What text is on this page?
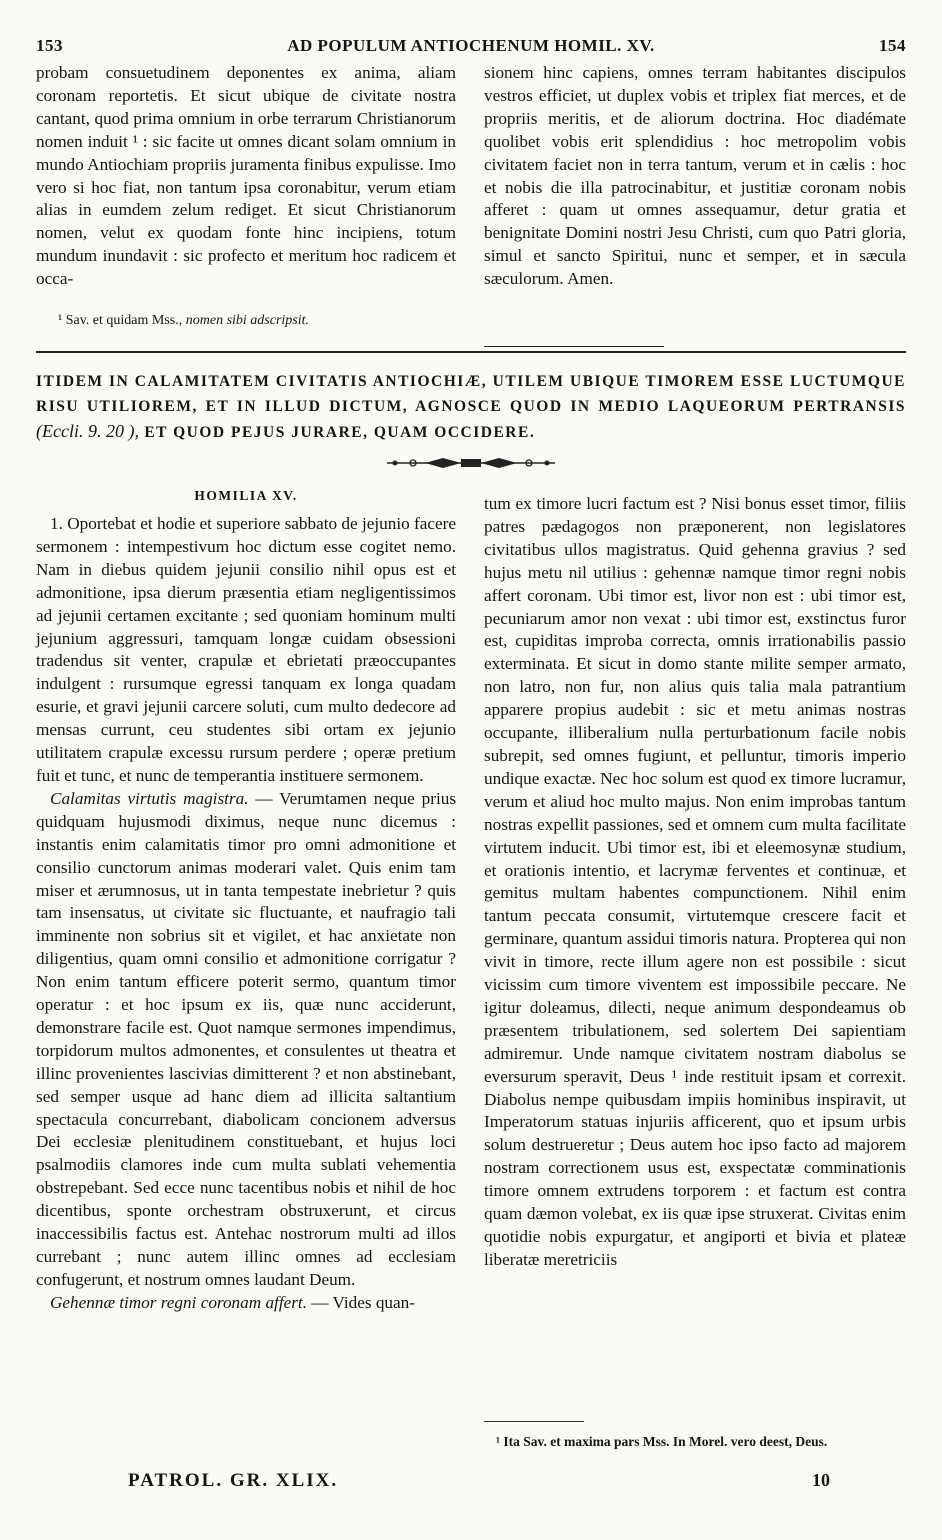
153	AD POPULUM ANTIOCHENUM HOMIL. XV.	154

probam consuetudinem deponentes ex anima, aliam coronam reportetis. Et sicut ubique de civitate nostra cantant, quod prima omnium in orbe terrarum Christianorum nomen induit ¹ : sic facite ut omnes dicant solam omnium in mundo Antiochiam propriis juramenta finibus expulisse. Imo vero si hoc fiat, non tantum ipsa coronabitur, verum etiam alias in eumdem zelum rediget. Et sicut Christianorum nomen, velut ex quodam fonte hinc incipiens, totum mundum inundavit : sic profecto et meritum hoc radicem et occa-

¹ Sav. et quidam Mss., nomen sibi adscripsit.

sionem hinc capiens, omnes terram habitantes discipulos vestros efficiet, ut duplex vobis et triplex fiat merces, et de propriis meritis, et de aliorum doctrina. Hoc diadémate quolibet vobis erit splendidius : hoc metropolim vobis civitatem faciet non in terra tantum, verum et in cælis : hoc et nobis die illa patrocinabitur, et justitiæ coronam nobis afferet : quam ut omnes assequamur, detur gratia et benignitate Domini nostri Jesu Christi, cum quo Patri gloria, simul et sancto Spiritui, nunc et semper, et in sæcula sæculorum. Amen.

ITIDEM IN CALAMITATEM CIVITATIS ANTIOCHIÆ, UTILEM UBIQUE TIMOREM ESSE LUCTUMQUE RISU UTILIOREM, ET IN ILLUD DICTUM, AGNOSCE QUOD IN MEDIO LAQUEORUM PERTRANSIS (Eccli. 9. 20 ), ET QUOD PEJUS JURARE, QUAM OCCIDERE.
HOMILIA XV.

1. Oportebat et hodie et superiore sabbato de jejunio facere sermonem : intempestivum hoc dictum esse cogitet nemo. Nam in diebus quidem jejunii consilio nihil opus est et admonitione, ipsa dierum præsentia etiam negligentissimos ad jejunii certamen excitante ; sed quoniam hominum multi jejunium aggressuri, tamquam longæ cuidam obsessioni tradendus sit venter, crapulæ et ebrietati præoccupantes indulgent : rursumque egressi tanquam ex longa quadam esurie, et gravi jejunii carcere soluti, cum multo dedecore ad mensas currunt, ceu studentes sibi ortam ex jejunio utilitatem crapulæ excessu rursum perdere ; operæ pretium fuit et tunc, et nunc de temperantia instituere sermonem.

Calamitas virtutis magistra. — Verumtamen neque prius quidquam hujusmodi diximus, neque nunc dicemus : instantis enim calamitatis timor pro omni admonitione et consilio cunctorum animas moderari valet. Quis enim tam miser et ærumnosus, ut in tanta tempestate inebrietur ? quis tam insensatus, ut civitate sic fluctuante, et naufragio tali imminente non sobrius sit et vigilet, et hac anxietate non diligentius, quam omni consilio et admonitione corrigatur ? Non enim tantum efficere poterit sermo, quantum timor operatur : et hoc ipsum ex iis, quæ nunc acciderunt, demonstrare facile est. Quot namque sermones impendimus, torpidorum multos admonentes, et consulentes ut theatra et illinc provenientes lascivias dimitterent ? et non abstinebant, sed semper usque ad hanc diem ad illicita saltantium spectacula concurrebant, diabolicam concionem adversus Dei ecclesiæ plenitudinem constituebant, et hujus loci psalmodiis clamores inde cum multa sublati vehementia obstrepebant. Sed ecce nunc tacentibus nobis et nihil de hoc dicentibus, sponte orchestram obstruxerunt, et circus inaccessibilis factus est. Antehac nostrorum multi ad illos currebant ; nunc autem illinc omnes ad ecclesiam confugerunt, et nostrum omnes laudant Deum.

Gehennæ timor regni coronam affert. — Vides quan-

tum ex timore lucri factum est ? Nisi bonus esset timor, filiis patres pædagogos non præponerent, non legislatores civitatibus ullos magistratus. Quid gehenna gravius ? sed hujus metu nil utilius : gehennæ namque timor regni nobis affert coronam. Ubi timor est, livor non est : ubi timor est, pecuniarum amor non vexat : ubi timor est, exstinctus furor est, cupiditas improba correcta, omnis irrationabilis passio exterminata. Et sicut in domo stante milite semper armato, non latro, non fur, non alius quis talia mala patrantium apparere propius audebit : sic et metu animas nostras occupante, illiberalium nulla perturbationum facile nobis subrepit, sed omnes fugiunt, et pelluntur, timoris imperio undique exactæ. Nec hoc solum est quod ex timore lucramur, verum et aliud hoc multo majus. Non enim improbas tantum nostras expellit passiones, sed et omnem cum multa facilitate virtutem inducit. Ubi timor est, ibi et eleemosynæ studium, et orationis intentio, et lacrymæ ferventes et continuæ, et gemitus multam habentes compunctionem. Nihil enim tantum peccata consumit, virtutemque crescere facit et germinare, quantum assidui timoris natura. Propterea qui non vivit in timore, recte illum agere non est possibile : sicut vicissim cum timore viventem est impossibile peccare. Ne igitur doleamus, dilecti, neque animum despondeamus ob præsentem tribulationem, sed solertem Dei sapientiam admiremur. Unde namque civitatem nostram diabolus se eversurum speravit, Deus ¹ inde restituit ipsam et correxit. Diabolus nempe quibusdam impiis hominibus inspiravit, ut Imperatorum statuas injuriis afficerent, quo et ipsum urbis solum destrueretur ; Deus autem hoc ipso facto ad majorem nostram correctionem usus est, exspectatæ comminationis timore omnem extrudens torporem : et factum est contra quam dæmon volebat, ex iis quæ ipse struxerat. Civitas enim quotidie nobis expurgatur, et angiporti et bivia et plateæ liberatæ meretriciis

¹ Ita Sav. et maxima pars Mss. In Morel. vero deest, Deus.
PATROL. GR. XLIX.	10
